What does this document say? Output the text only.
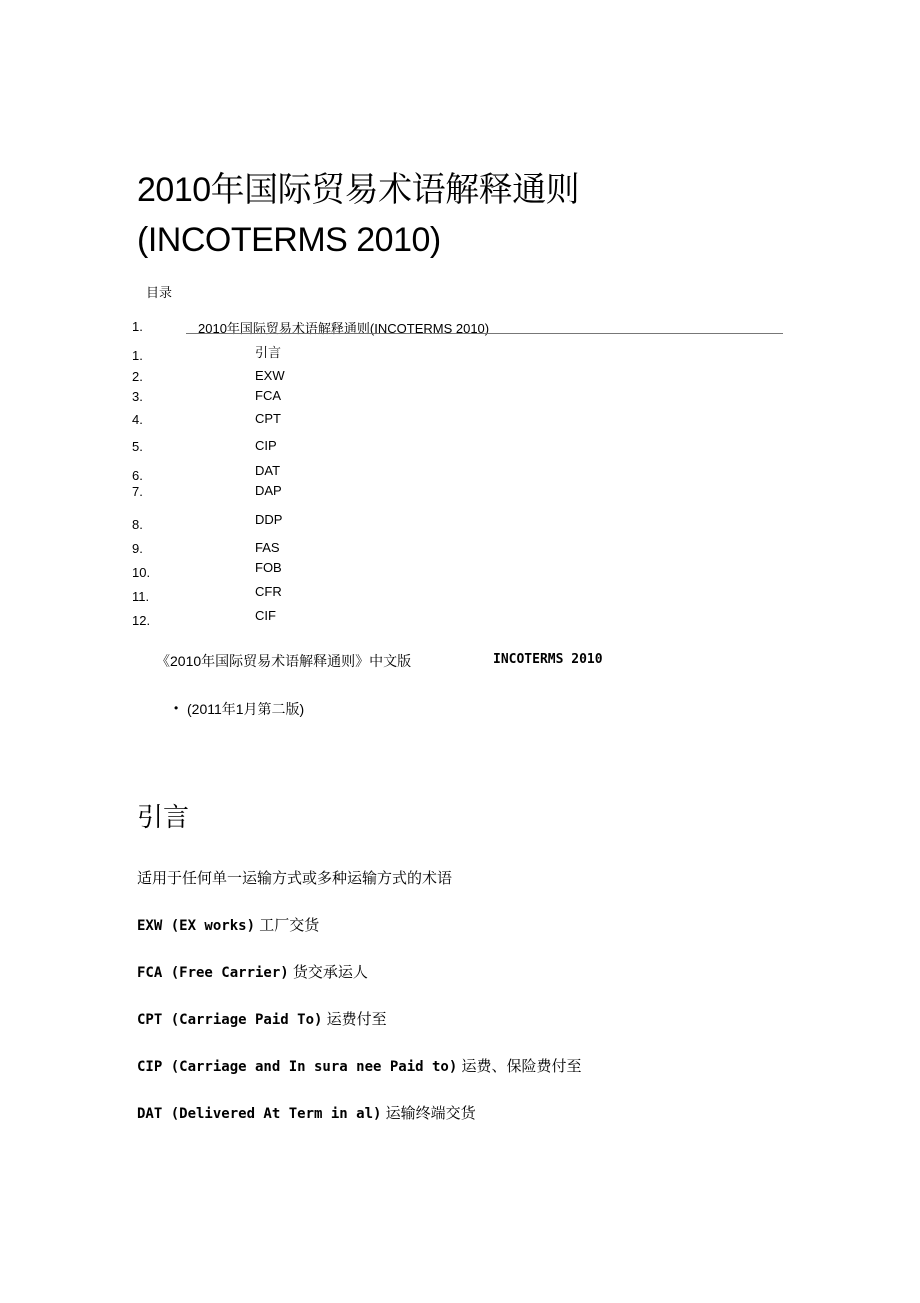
2010年国际贸易术语解释通则
(INCOTERMS 2010)
目录
1.	2010年国际贸易术语解释通则(INCOTERMS 2010)
1.	引言
2.	EXW
3.	FCA
4.	CPT
5.	CIP
6.	DAT
7.	DAP
8.	DDP
9.	FAS
10.	FOB
11.	CFR
12.	CIF
《2010年国际贸易术语解释通则》中文版	INCOTERMS 2010
• (2011年1月第二版)
引言
适用于任何单一运输方式或多种运输方式的术语
EXW (EX works) 工厂交货
FCA (Free Carrier) 货交承运人
CPT (Carriage Paid To) 运费付至
CIP (Carriage and In sura nee Paid to) 运费、保险费付至
DAT (Delivered At Term in al) 运输终端交货
